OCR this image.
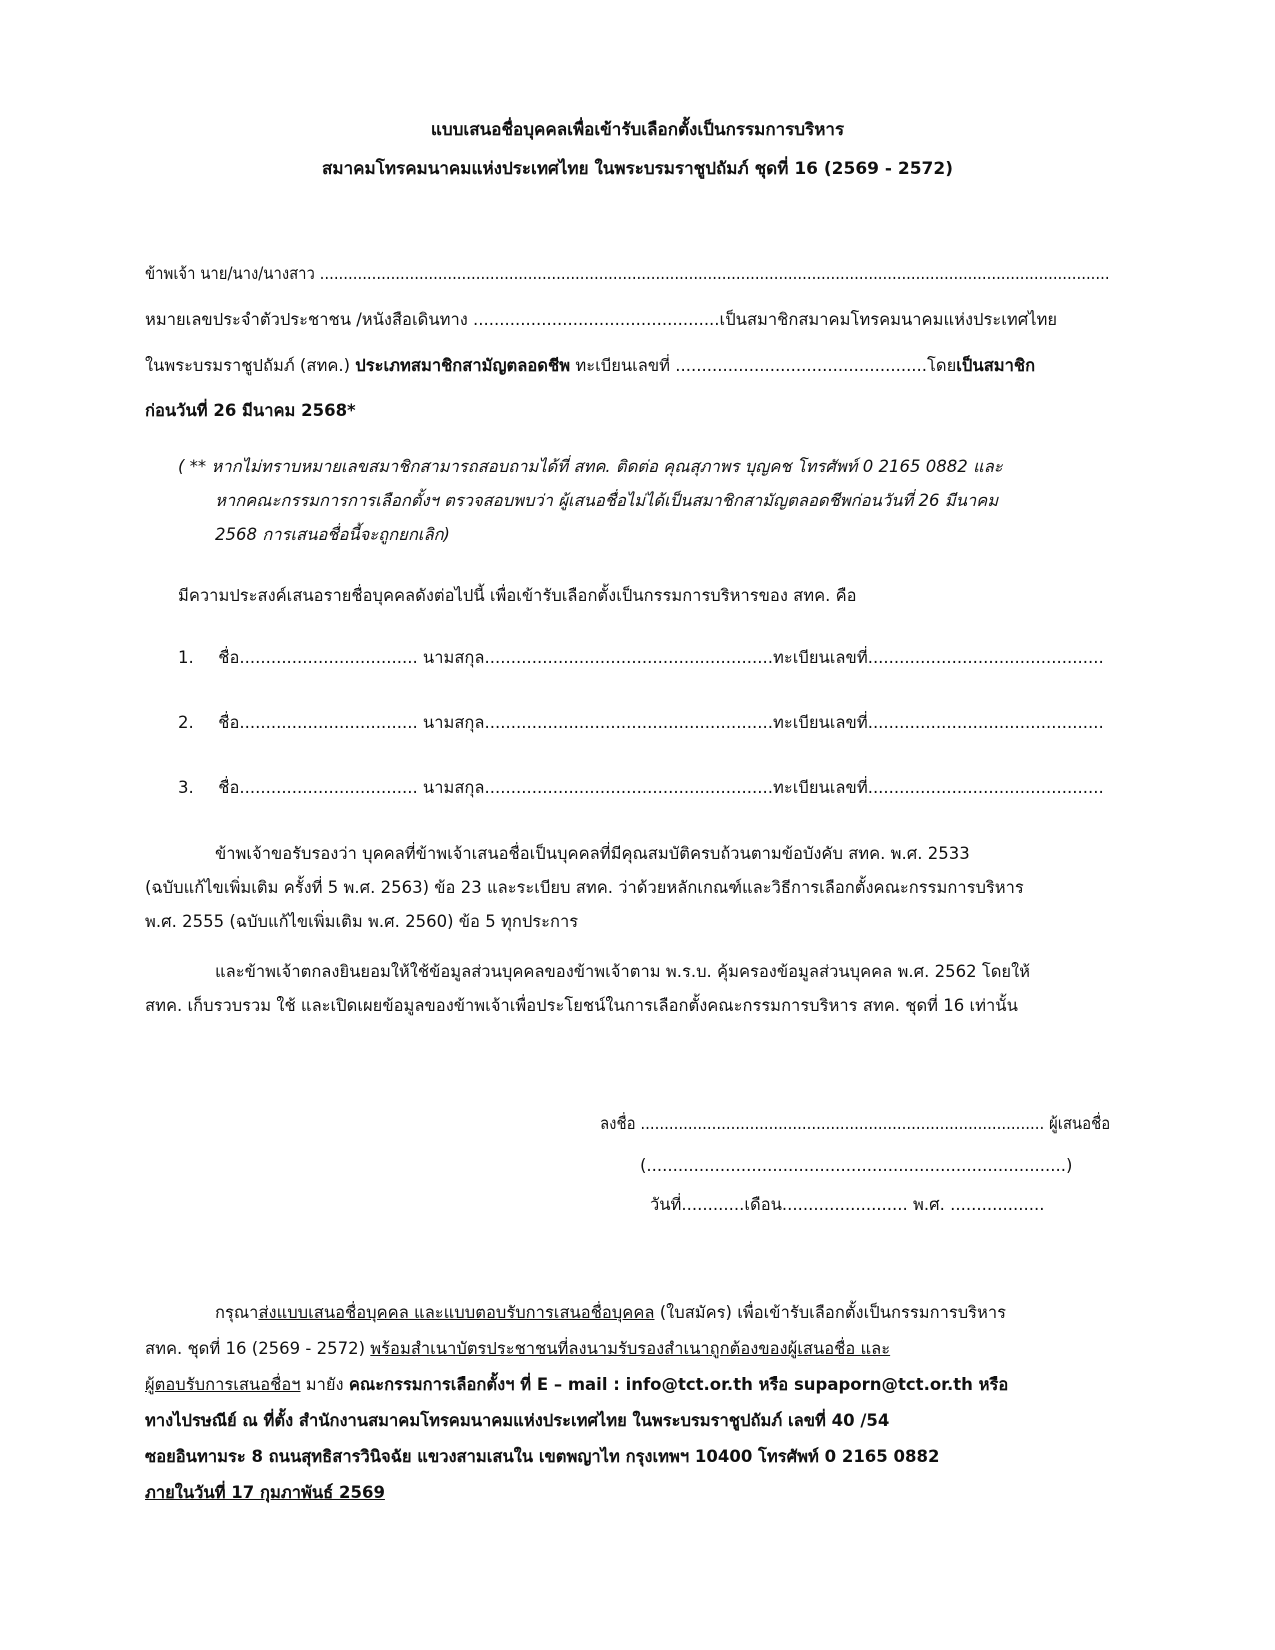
แบบเสนอชื่อบุคคลเพื่อเข้ารับเลือกตั้งเป็นกรรมการบริหาร
สมาคมโทรคมนาคมแห่งประเทศไทย ในพระบรมราชูปถัมภ์ ชุดที่ 16 (2569 - 2572)
ข้าพเจ้า นาย/นาง/นางสาว .......................................................................................................................................................................
หมายเลขประจำตัวประชาชน /หนังสือเดินทาง ...............................................เป็นสมาชิกสมาคมโทรคมนาคมแห่งประเทศไทย
ในพระบรมราชูปถัมภ์ (สทค.) ประเภทสมาชิกสามัญตลอดชีพ ทะเบียนเลขที่ ................................................โดยเป็นสมาชิก
ก่อนวันที่ 26 มีนาคม 2568*
( ** หากไม่ทราบหมายเลขสมาชิกสามารถสอบถามได้ที่ สทค. ติดต่อ คุณสุภาพร บุญคช โทรศัพท์ 0 2165 0882 และ
หากคณะกรรมการการเลือกตั้งฯ ตรวจสอบพบว่า ผู้เสนอชื่อไม่ได้เป็นสมาชิกสามัญตลอดชีพก่อนวันที่ 26 มีนาคม
2568 การเสนอชื่อนี้จะถูกยกเลิก)
มีความประสงค์เสนอรายชื่อบุคคลดังต่อไปนี้ เพื่อเข้ารับเลือกตั้งเป็นกรรมการบริหารของ สทค. คือ
1. ชื่อ.................................. นามสกุล.......................................................ทะเบียนเลขที่.............................................
2. ชื่อ.................................. นามสกุล.......................................................ทะเบียนเลขที่.............................................
3. ชื่อ.................................. นามสกุล.......................................................ทะเบียนเลขที่.............................................
ข้าพเจ้าขอรับรองว่า บุคคลที่ข้าพเจ้าเสนอชื่อเป็นบุคคลที่มีคุณสมบัติครบถ้วนตามข้อบังคับ สทค. พ.ศ. 2533
(ฉบับแก้ไขเพิ่มเติม ครั้งที่ 5 พ.ศ. 2563) ข้อ 23 และระเบียบ สทค. ว่าด้วยหลักเกณฑ์และวิธีการเลือกตั้งคณะกรรมการบริหาร
พ.ศ. 2555 (ฉบับแก้ไขเพิ่มเติม พ.ศ. 2560) ข้อ 5 ทุกประการ
และข้าพเจ้าตกลงยินยอมให้ใช้ข้อมูลส่วนบุคคลของข้าพเจ้าตาม พ.ร.บ. คุ้มครองข้อมูลส่วนบุคคล พ.ศ. 2562 โดยให้
สทค. เก็บรวบรวม ใช้ และเปิดเผยข้อมูลของข้าพเจ้าเพื่อประโยชน์ในการเลือกตั้งคณะกรรมการบริหาร สทค. ชุดที่ 16 เท่านั้น
ลงชื่อ ..................................................................................... ผู้เสนอชื่อ
(................................................................................)
วันที่............เดือน........................ พ.ศ. ..................
กรุณาส่งแบบเสนอชื่อบุคคล และแบบตอบรับการเสนอชื่อบุคคล (ใบสมัคร) เพื่อเข้ารับเลือกตั้งเป็นกรรมการบริหาร
สทค. ชุดที่ 16 (2569 - 2572) พร้อมสำเนาบัตรประชาชนที่ลงนามรับรองสำเนาถูกต้องของผู้เสนอชื่อ และ
ผู้ตอบรับการเสนอชื่อฯ มายัง คณะกรรมการเลือกตั้งฯ ที่ E – mail : info@tct.or.th หรือ supaporn@tct.or.th หรือ
ทางไปรษณีย์ ณ ที่ตั้ง สำนักงานสมาคมโทรคมนาคมแห่งประเทศไทย ในพระบรมราชูปถัมภ์ เลขที่ 40 /54
ซอยอินทามระ 8 ถนนสุทธิสารวินิจฉัย แขวงสามเสนใน เขตพญาไท กรุงเทพฯ 10400 โทรศัพท์ 0 2165 0882
ภายในวันที่ 17 กุมภาพันธ์ 2569
